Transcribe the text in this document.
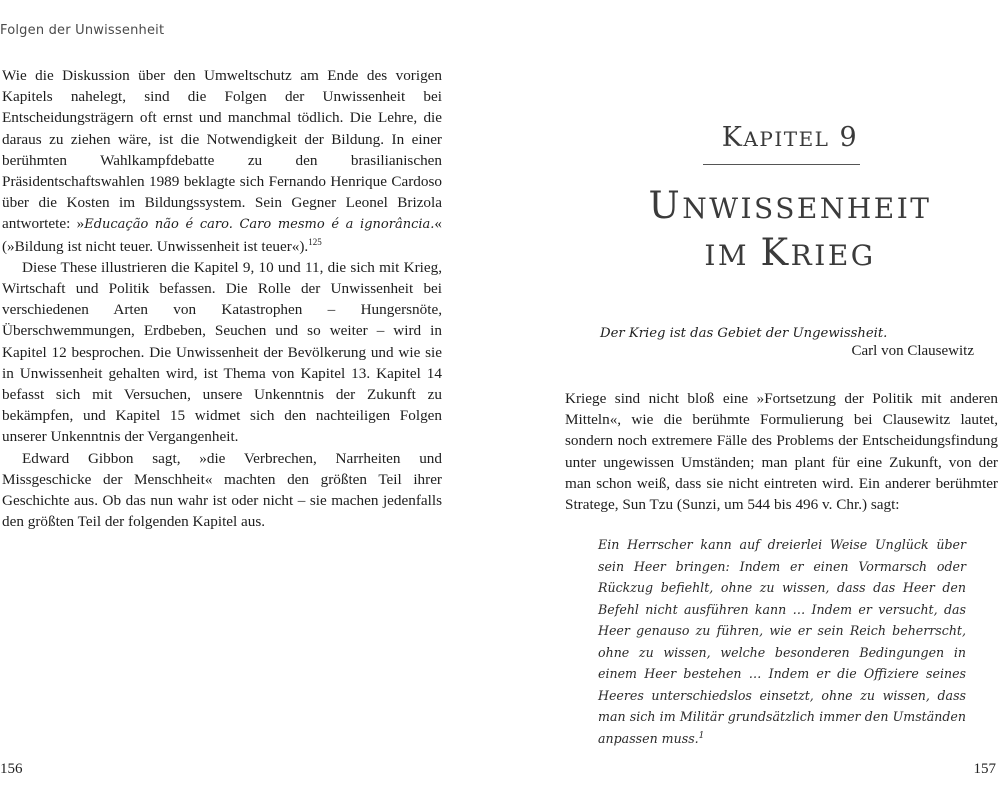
Folgen der Unwissenheit

Wie die Diskussion über den Umweltschutz am Ende des vorigen Kapitels nahelegt, sind die Folgen der Unwissenheit bei Entscheidungsträgern oft ernst und manchmal tödlich. Die Lehre, die daraus zu ziehen wäre, ist die Notwendigkeit der Bildung. In einer berühmten Wahlkampfdebatte zu den brasilianischen Präsidentschaftswahlen 1989 beklagte sich Fernando Henrique Cardoso über die Kosten im Bildungssystem. Sein Gegner Leonel Brizola antwortete: »Educação não é caro. Caro mesmo é a ignorância.« (»Bildung ist nicht teuer. Unwissenheit ist teuer«).$^{125}$

Diese These illustrieren die Kapitel 9, 10 und 11, die sich mit Krieg, Wirtschaft und Politik befassen. Die Rolle der Unwissenheit bei verschiedenen Arten von Katastrophen – Hungersnöte, Überschwemmungen, Erdbeben, Seuchen und so weiter – wird in Kapitel 12 besprochen. Die Unwissenheit der Bevölkerung und wie sie in Unwissenheit gehalten wird, ist Thema von Kapitel 13. Kapitel 14 befasst sich mit Versuchen, unsere Unkenntnis der Zukunft zu bekämpfen, und Kapitel 15 widmet sich den nachteiligen Folgen unserer Unkenntnis der Vergangenheit.

Edward Gibbon sagt, »die Verbrechen, Narrheiten und Missgeschicke der Menschheit« machten den größten Teil ihrer Geschichte aus. Ob das nun wahr ist oder nicht – sie machen jedenfalls den größten Teil der folgenden Kapitel aus.

156
KAPITEL 9
UNWISSENHEIT
IM KRIEG
Der Krieg ist das Gebiet der Ungewissheit.
Carl von Clausewitz

Kriege sind nicht bloß eine »Fortsetzung der Politik mit anderen Mitteln«, wie die berühmte Formulierung bei Clausewitz lautet, sondern noch extremere Fälle des Problems der Entscheidungsfindung unter ungewissen Umständen; man plant für eine Zukunft, von der man schon weiß, dass sie nicht eintreten wird. Ein anderer berühmter Stratege, Sun Tzu (Sunzi, um 544 bis 496 v. Chr.) sagt:

Ein Herrscher kann auf dreierlei Weise Unglück über sein Heer bringen: Indem er einen Vormarsch oder Rückzug befiehlt, ohne zu wissen, dass das Heer den Befehl nicht ausführen kann … Indem er versucht, das Heer genauso zu führen, wie er sein Reich beherrscht, ohne zu wissen, welche besonderen Bedingungen in einem Heer bestehen … Indem er die Offiziere seines Heeres unterschiedslos einsetzt, ohne zu wissen, dass man sich im Militär grundsätzlich immer den Umständen anpassen muss.$^1$
157
